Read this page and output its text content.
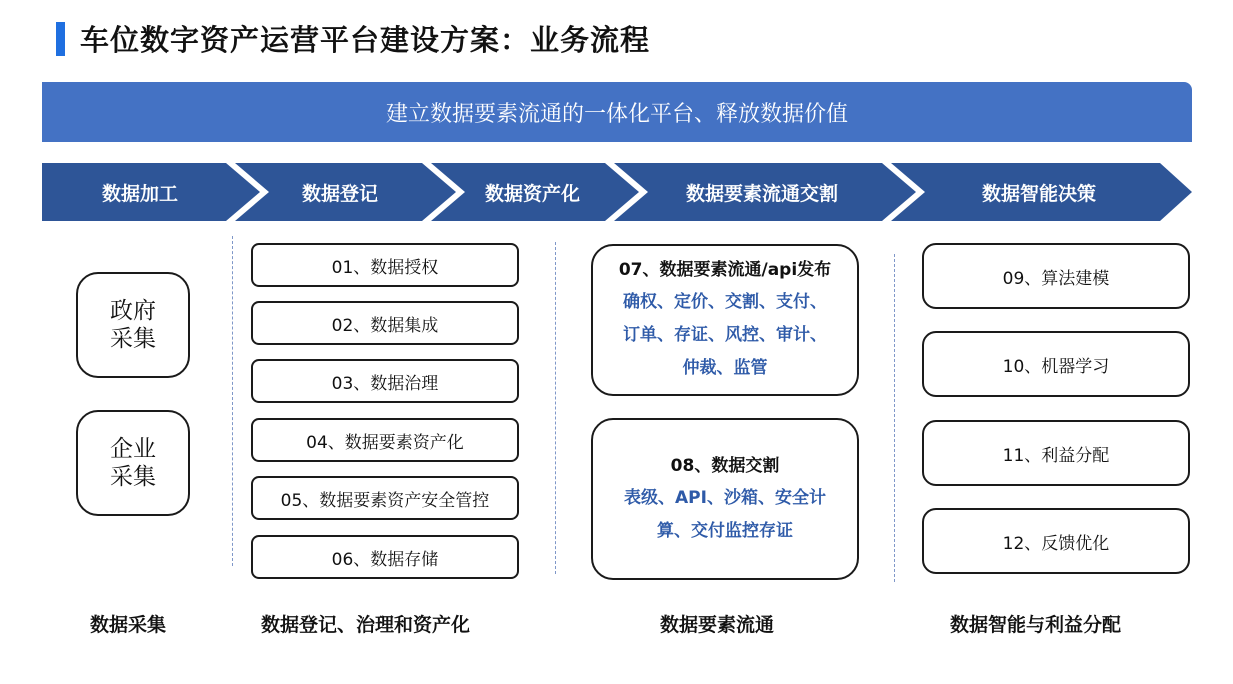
车位数字资产运营平台建设方案：业务流程
建立数据要素流通的一体化平台、释放数据价值
数据加工	数据登记	数据资产化	数据要素流通交割	数据智能决策
政府
采集
企业
采集
01、数据授权
02、数据集成
03、数据治理
04、数据要素资产化
05、数据要素资产安全管控
06、数据存储
07、数据要素流通/api发布
确权、定价、交割、支付、
订单、存证、风控、审计、
仲裁、监管
08、数据交割
表级、API、沙箱、安全计
算、交付监控存证
09、算法建模
10、机器学习
11、利益分配
12、反馈优化
数据采集	数据登记、治理和资产化	数据要素流通	数据智能与利益分配
